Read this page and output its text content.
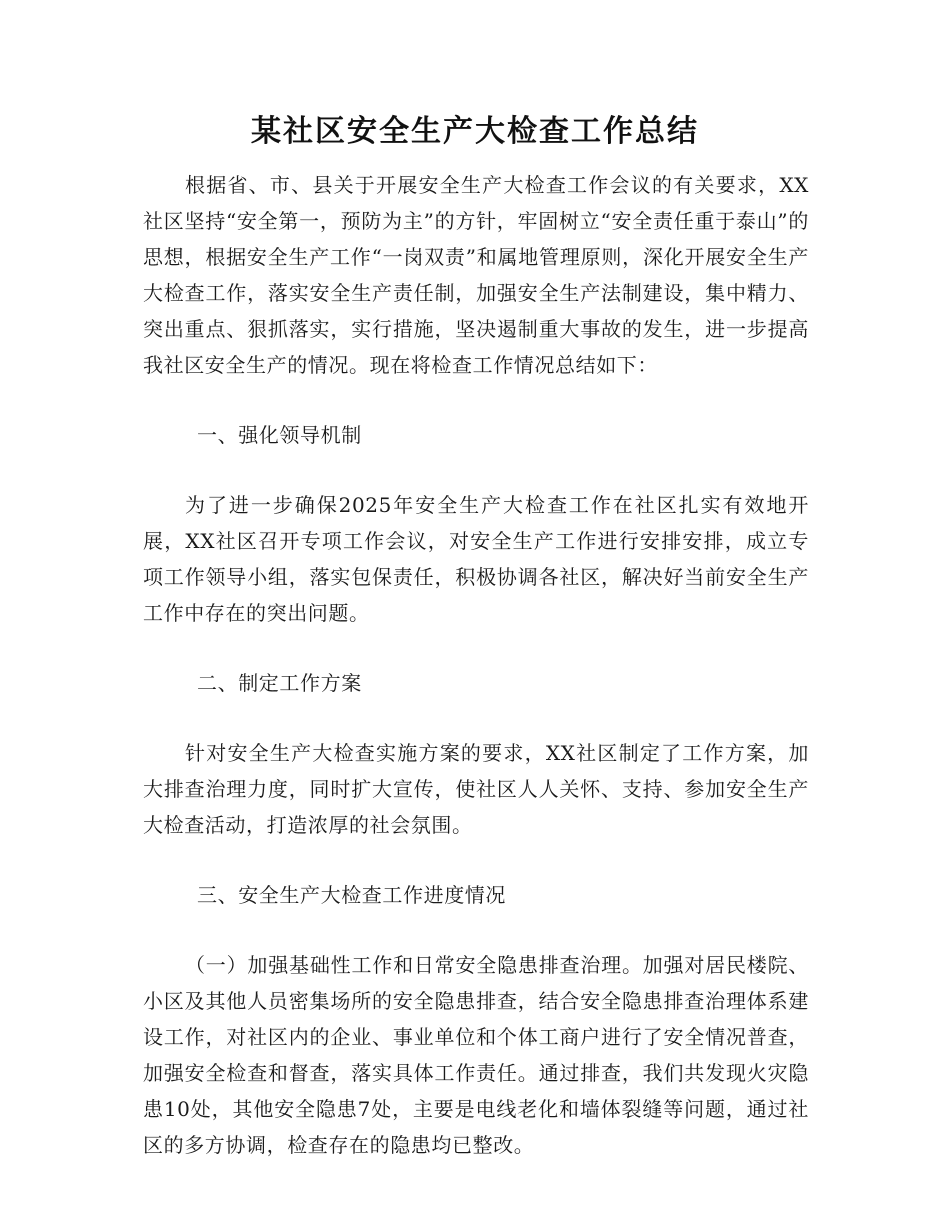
某社区安全生产大检查工作总结

根据省、市、县关于开展安全生产大检查工作会议的有关要求，XX社区坚持“安全第一，预防为主”的方针，牢固树立“安全责任重于泰山”的思想，根据安全生产工作“一岗双责”和属地管理原则，深化开展安全生产大检查工作，落实安全生产责任制，加强安全生产法制建设，集中精力、突出重点、狠抓落实，实行措施，坚决遏制重大事故的发生，进一步提高我社区安全生产的情况。现在将检查工作情况总结如下：

一、强化领导机制

为了进一步确保2025年安全生产大检查工作在社区扎实有效地开展，XX社区召开专项工作会议，对安全生产工作进行安排安排，成立专项工作领导小组，落实包保责任，积极协调各社区，解决好当前安全生产工作中存在的突出问题。

二、制定工作方案

针对安全生产大检查实施方案的要求，XX社区制定了工作方案，加大排查治理力度，同时扩大宣传，使社区人人关怀、支持、参加安全生产大检查活动，打造浓厚的社会氛围。

三、安全生产大检查工作进度情况

（一）加强基础性工作和日常安全隐患排查治理。加强对居民楼院、小区及其他人员密集场所的安全隐患排查，结合安全隐患排查治理体系建设工作，对社区内的企业、事业单位和个体工商户进行了安全情况普查，加强安全检查和督查，落实具体工作责任。通过排查，我们共发现火灾隐患10处，其他安全隐患7处，主要是电线老化和墙体裂缝等问题，通过社区的多方协调，检查存在的隐患均已整改。
